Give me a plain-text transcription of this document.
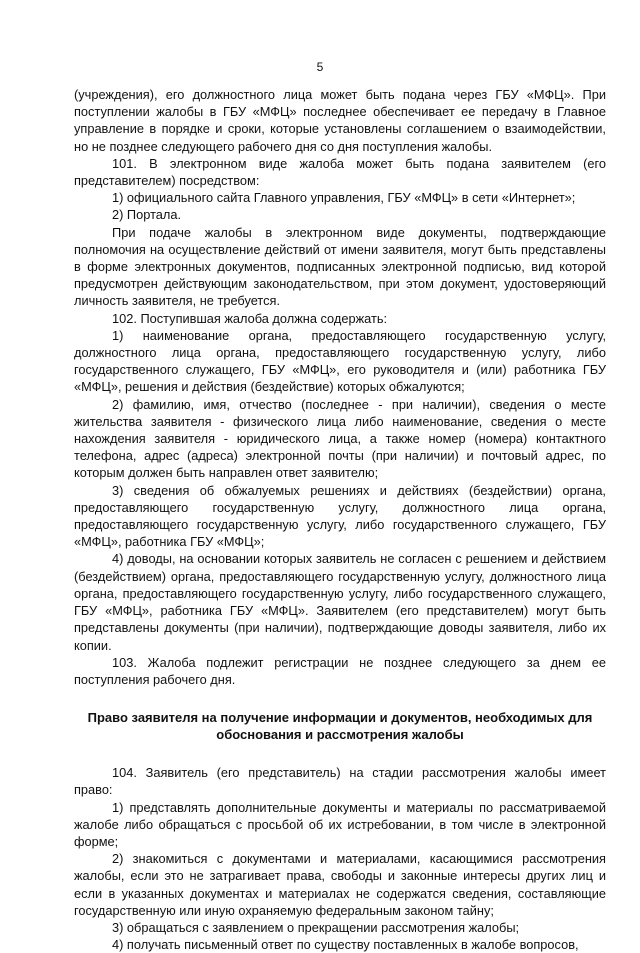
5

(учреждения), его должностного лица может быть подана через ГБУ «МФЦ». При поступлении жалобы в ГБУ «МФЦ» последнее обеспечивает ее передачу в Главное управление в порядке и сроки, которые установлены соглашением о взаимодействии, но не позднее следующего рабочего дня со дня поступления жалобы.

101. В электронном виде жалоба может быть подана заявителем (его представителем) посредством:

1) официального сайта Главного управления, ГБУ «МФЦ» в сети «Интернет»;

2) Портала.

При подаче жалобы в электронном виде документы, подтверждающие полномочия на осуществление действий от имени заявителя, могут быть представлены в форме электронных документов, подписанных электронной подписью, вид которой предусмотрен действующим законодательством, при этом документ, удостоверяющий личность заявителя, не требуется.

102. Поступившая жалоба должна содержать:

1) наименование органа, предоставляющего государственную услугу, должностного лица органа, предоставляющего государственную услугу, либо государственного служащего, ГБУ «МФЦ», его руководителя и (или) работника ГБУ «МФЦ», решения и действия (бездействие) которых обжалуются;

2) фамилию, имя, отчество (последнее - при наличии), сведения о месте жительства заявителя - физического лица либо наименование, сведения о месте нахождения заявителя - юридического лица, а также номер (номера) контактного телефона, адрес (адреса) электронной почты (при наличии) и почтовый адрес, по которым должен быть направлен ответ заявителю;

3) сведения об обжалуемых решениях и действиях (бездействии) органа, предоставляющего государственную услугу, должностного лица органа, предоставляющего государственную услугу, либо государственного служащего, ГБУ «МФЦ», работника ГБУ «МФЦ»;

4) доводы, на основании которых заявитель не согласен с решением и действием (бездействием) органа, предоставляющего государственную услугу, должностного лица органа, предоставляющего государственную услугу, либо государственного служащего, ГБУ «МФЦ», работника ГБУ «МФЦ». Заявителем (его представителем) могут быть представлены документы (при наличии), подтверждающие доводы заявителя, либо их копии.

103. Жалоба подлежит регистрации не позднее следующего за днем ее поступления рабочего дня.

Право заявителя на получение информации и документов, необходимых для обоснования и рассмотрения жалобы

104. Заявитель (его представитель) на стадии рассмотрения жалобы имеет право:

1) представлять дополнительные документы и материалы по рассматриваемой жалобе либо обращаться с просьбой об их истребовании, в том числе в электронной форме;

2) знакомиться с документами и материалами, касающимися рассмотрения жалобы, если это не затрагивает права, свободы и законные интересы других лиц и если в указанных документах и материалах не содержатся сведения, составляющие государственную или иную охраняемую федеральным законом тайну;

3) обращаться с заявлением о прекращении рассмотрения жалобы;

4) получать письменный ответ по существу поставленных в жалобе вопросов,
